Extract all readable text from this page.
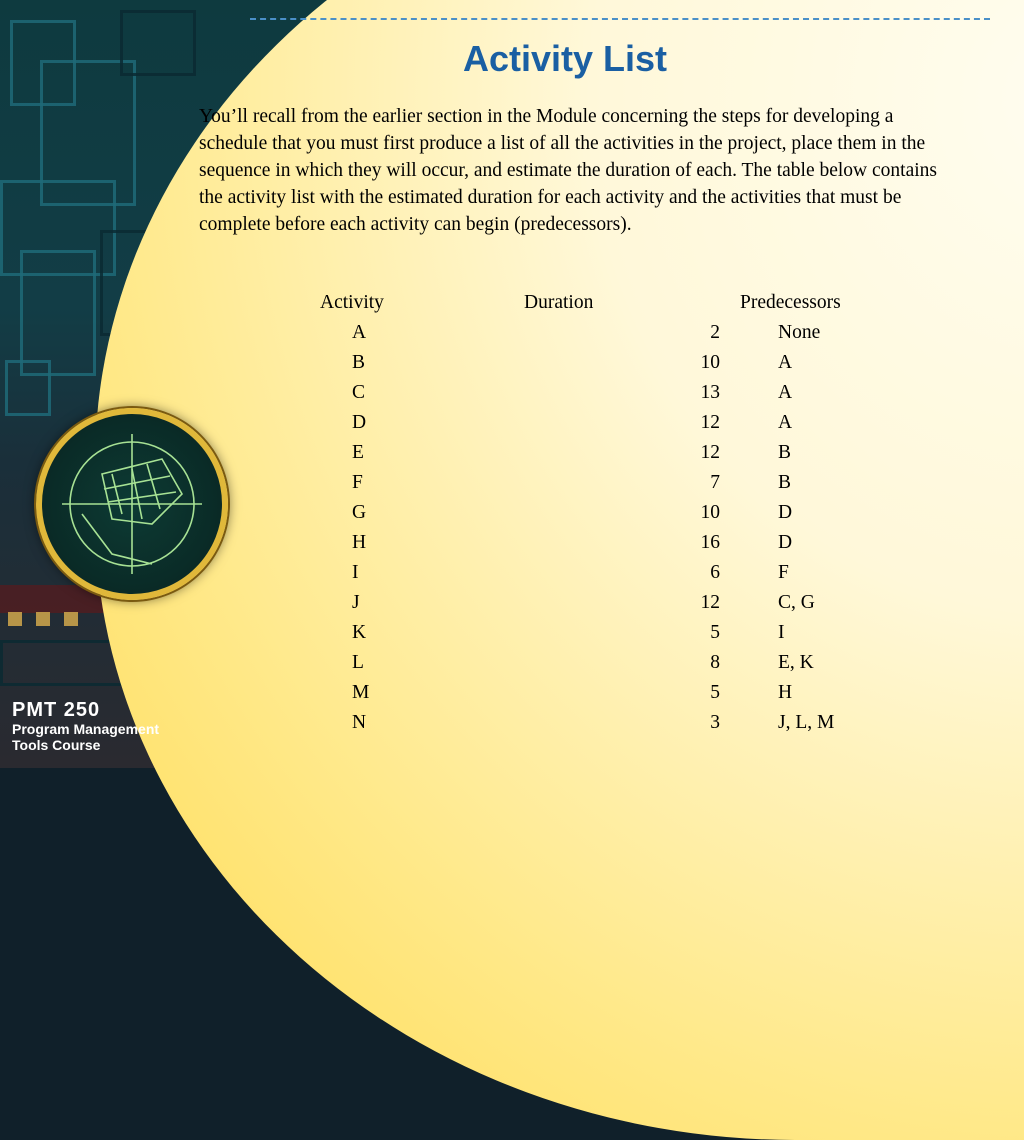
PMT 250
Program Management
Tools Course
Activity List
You’ll recall from the earlier section in the Module concerning the steps for developing a schedule that you must first produce a list of all the activities in the project, place them in the sequence in which they will occur, and estimate the duration of each. The table below contains the activity list with the estimated duration for each activity and the activities that must be complete before each activity can begin (predecessors).
Activity	Duration	Predecessors
A	2	None
B	10	A
C	13	A
D	12	A
E	12	B
F	7	B
G	10	D
H	16	D
I	6	F
J	12	C, G
K	5	I
L	8	E, K
M	5	H
N	3	J, L, M
